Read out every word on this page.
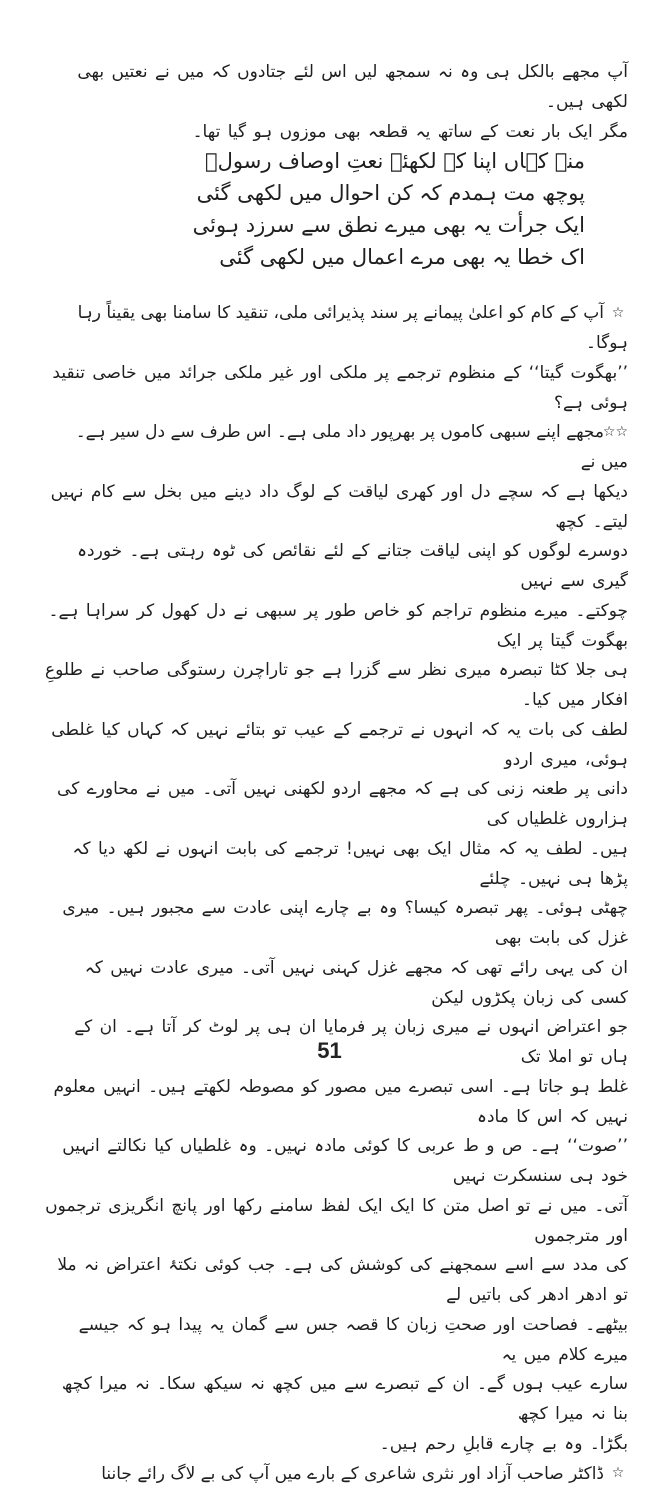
آپ مجھے بالکل ہی وہ نہ سمجھ لیں اس لئے جتادوں کہ میں نے نعتیں بھی لکھی ہیں۔

مگر ایک بار نعت کے ساتھ یہ قطعہ بھی موزوں ہو گیا تھا۔

☆آپ کے کام کو اعلیٰ پیمانے پر سند پذیرائی ملی، تنقید کا سامنا بھی یقیناً رہا ہوگا۔

’’بھگوت گیتا‘‘ کے منظوم ترجمے پر ملکی اور غیر ملکی جرائد میں خاصی تنقید ہوئی ہے؟

☆☆مجھے اپنے سبھی کاموں پر بھرپور داد ملی ہے۔ اس طرف سے دل سیر ہے۔ میں نے

دیکھا ہے کہ سچے دل اور کھری لیاقت کے لوگ داد دینے میں بخل سے کام نہیں لیتے۔ کچھ

دوسرے لوگوں کو اپنی لیاقت جتانے کے لئے نقائص کی ٹوہ رہتی ہے۔ خوردہ گیری سے نہیں

چوکتے۔ میرے منظوم تراجم کو خاص طور پر سبھی نے دل کھول کر سراہا ہے۔ بھگوت گیتا پر ایک

ہی جلا کٹا تبصرہ میری نظر سے گزرا ہے جو تاراچرن رستوگی صاحب نے طلوعِ افکار میں کیا۔

لطف کی بات یہ کہ انہوں نے ترجمے کے عیب تو بتائے نہیں کہ کہاں کیا غلطی ہوئی، میری اردو

دانی پر طعنہ زنی کی ہے کہ مجھے اردو لکھنی نہیں آتی۔ میں نے محاورے کی ہزاروں غلطیاں کی

ہیں۔ لطف یہ کہ مثال ایک بھی نہیں! ترجمے کی بابت انہوں نے لکھ دیا کہ پڑھا ہی نہیں۔ چلئے

چھٹی ہوئی۔ پھر تبصرہ کیسا؟ وہ بے چارے اپنی عادت سے مجبور ہیں۔ میری غزل کی بابت بھی

ان کی یہی رائے تھی کہ مجھے غزل کہنی نہیں آتی۔ میری عادت نہیں کہ کسی کی زبان پکڑوں لیکن

جو اعتراض انہوں نے میری زبان پر فرمایا ان ہی پر لوٹ کر آتا ہے۔ ان کے ہاں تو املا تک

غلط ہو جاتا ہے۔ اسی تبصرے میں مصور کو مصوطہ لکھتے ہیں۔ انہیں معلوم نہیں کہ اس کا مادہ

’’صوت‘‘ ہے۔ ص و ط عربی کا کوئی مادہ نہیں۔ وہ غلطیاں کیا نکالتے انہیں خود ہی سنسکرت نہیں

آتی۔ میں نے تو اصل متن کا ایک ایک لفظ سامنے رکھا اور پانچ انگریزی ترجموں اور مترجموں

کی مدد سے اسے سمجھنے کی کوشش کی ہے۔ جب کوئی نکتۂ اعتراض نہ ملا تو ادھر ادھر کی باتیں لے

بیٹھے۔ فصاحت اور صحتِ زبان کا قصہ جس سے گمان یہ پیدا ہو کہ جیسے میرے کلام میں یہ

سارے عیب ہوں گے۔ ان کے تبصرے سے میں کچھ نہ سیکھ سکا۔ نہ میرا کچھ بنا نہ میرا کچھ

بگڑا۔ وہ بے چارے قابلِ رحم ہیں۔

☆ڈاکٹر صاحب آزاد اور نثری شاعری کے بارے میں آپ کی بے لاگ رائے جاننا

منہ کہاں اپنا کہ لکھئے نعتِ اوصاف رسولؐ

پوچھ مت ہمدم کہ کن احوال میں لکھی گئی

ایک جرأت یہ بھی میرے نطق سے سرزد ہوئی

اک خطا یہ بھی مرے اعمال میں لکھی گئی

51
